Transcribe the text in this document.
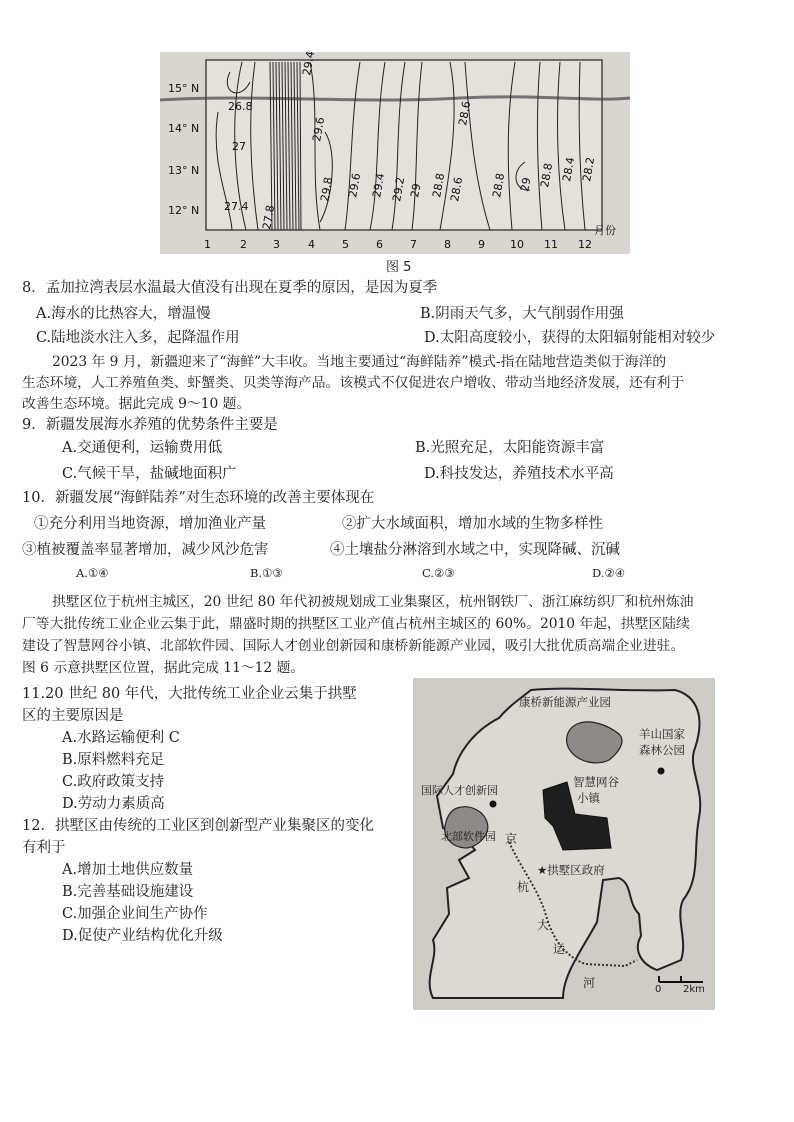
15° N
14° N
13° N
12° N
1	2 3	4 5 6 7 8 9 10 11 12
月份
29.4
26.8
27
29.6
29.8
27.4 27.8
29.6 29.4 29.2 29 28.8
28.6
28.6 28.8 29 28.8 28.4 28.2
图 5
8．孟加拉湾表层水温最大值没有出现在夏季的原因，是因为夏季
A.海水的比热容大，增温慢	B.阴雨天气多，大气削弱作用强
C.陆地淡水注入多，起降温作用	D.太阳高度较小，获得的太阳辐射能相对较少
2023 年 9 月，新疆迎来了“海鲜”大丰收。当地主要通过“海鲜陆养”模式-指在陆地营造类似于海洋的
生态环境，人工养殖鱼类、虾蟹类、贝类等海产品。该模式不仅促进农户增收、带动当地经济发展，还有利于
改善生态环境。据此完成 9～10 题。
9．新疆发展海水养殖的优势条件主要是
A.交通便利，运输费用低	B.光照充足，太阳能资源丰富
C.气候干旱，盐碱地面积广	D.科技发达，养殖技术水平高
10．新疆发展“海鲜陆养”对生态环境的改善主要体现在
①充分利用当地资源，增加渔业产量	②扩大水域面积，增加水域的生物多样性
③植被覆盖率显著增加，减少风沙危害	④土壤盐分淋溶到水域之中，实现降碱、沉碱
A.①④	B.①③	C.②③	D.②④
拱墅区位于杭州主城区，20 世纪 80 年代初被规划成工业集聚区，杭州钢铁厂、浙江麻纺织厂和杭州炼油
厂等大批传统工业企业云集于此，鼎盛时期的拱墅区工业产值占杭州主城区的 60%。2010 年起，拱墅区陆续
建设了智慧网谷小镇、北部软件园、国际人才创业创新园和康桥新能源产业园，吸引大批优质高端企业进驻。
图 6 示意拱墅区位置，据此完成 11～12 题。
11.20 世纪 80 年代，大批传统工业企业云集于拱墅
区的主要原因是
A.水路运输便利 C
B.原料燃料充足
C.政府政策支持
D.劳动力素质高
12．拱墅区由传统的工业区到创新型产业集聚区的变化
有利于
A.增加土地供应数量
B.完善基础设施建设
C.加强企业间生产协作
D.促使产业结构优化升级
康桥新能源产业园
羊山国家
森林公园
国际人才创新园
智慧网谷
小镇
北部软件园
★拱墅区政府
京
杭
大
运
河	0 2km
